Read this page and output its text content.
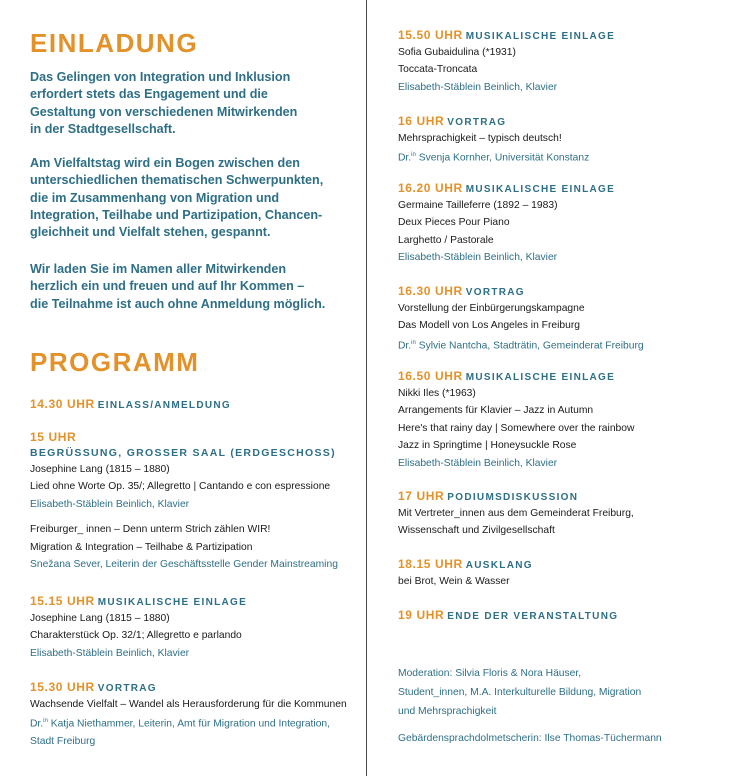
EINLADUNG

Das Gelingen von Integration und Inklusion
erfordert stets das Engagement und die
Gestaltung von verschiedenen Mitwirkenden
in der Stadtgesellschaft.

Am Vielfaltstag wird ein Bogen zwischen den
unterschiedlichen thematischen Schwerpunkten,
die im Zusammenhang von Migration und
Integration, Teilhabe und Partizipation, Chancen-
gleichheit und Vielfalt stehen, gespannt.

Wir laden Sie im Namen aller Mitwirkenden
herzlich ein und freuen und auf Ihr Kommen –
die Teilnahme ist auch ohne Anmeldung möglich.

PROGRAMM
14.30 UHR EINLASS/ANMELDUNG
15 UHR
BEGRÜSSUNG, GROSSER SAAL (ERDGESCHOSS)
Josephine Lang (1815 – 1880)
Lied ohne Worte Op. 35/; Allegretto | Cantando e con espressione
Elisabeth-Stäblein Beinlich, Klavier
Freiburger_ innen – Denn unterm Strich zählen WIR!
Migration & Integration – Teilhabe & Partizipation
Snežana Sever, Leiterin der Geschäftsstelle Gender Mainstreaming
15.15 UHR MUSIKALISCHE EINLAGE
Josephine Lang (1815 – 1880)
Charakterstück Op. 32/1; Allegretto e parlando
Elisabeth-Stäblein Beinlich, Klavier
15.30 UHR VORTRAG
Wachsende Vielfalt – Wandel als Herausforderung für die Kommunen
Dr.$^{in}$ Katja Niethammer, Leiterin, Amt für Migration und Integration,
Stadt Freiburg
15.50 UHR MUSIKALISCHE EINLAGE
Sofia Gubaidulina (*1931)
Toccata-Troncata
Elisabeth-Stäblein Beinlich, Klavier
16 UHR VORTRAG
Mehrsprachigkeit – typisch deutsch!
Dr.$^{in}$ Svenja Kornher, Universität Konstanz
16.20 UHR MUSIKALISCHE EINLAGE
Germaine Tailleferre (1892 – 1983)
Deux Pieces Pour Piano
Larghetto / Pastorale
Elisabeth-Stäblein Beinlich, Klavier
16.30 UHR VORTRAG
Vorstellung der Einbürgerungskampagne
Das Modell von Los Angeles in Freiburg
Dr.$^{in}$ Sylvie Nantcha, Stadträtin, Gemeinderat Freiburg
16.50 UHR MUSIKALISCHE EINLAGE
Nikki Iles (*1963)
Arrangements für Klavier – Jazz in Autumn
Here's that rainy day | Somewhere over the rainbow
Jazz in Springtime | Honeysuckle Rose
Elisabeth-Stäblein Beinlich, Klavier
17 UHR PODIUMSDISKUSSION
Mit Vertreter_innen aus dem Gemeinderat Freiburg,
Wissenschaft und Zivilgesellschaft
18.15 UHR AUSKLANG
bei Brot, Wein & Wasser
19 UHR ENDE DER VERANSTALTUNG
Moderation: Silvia Floris & Nora Häuser,
Student_innen, M.A. Interkulturelle Bildung, Migration
und Mehrsprachigkeit
Gebärdensprachdolmetscherin: Ilse Thomas-Tüchermann
